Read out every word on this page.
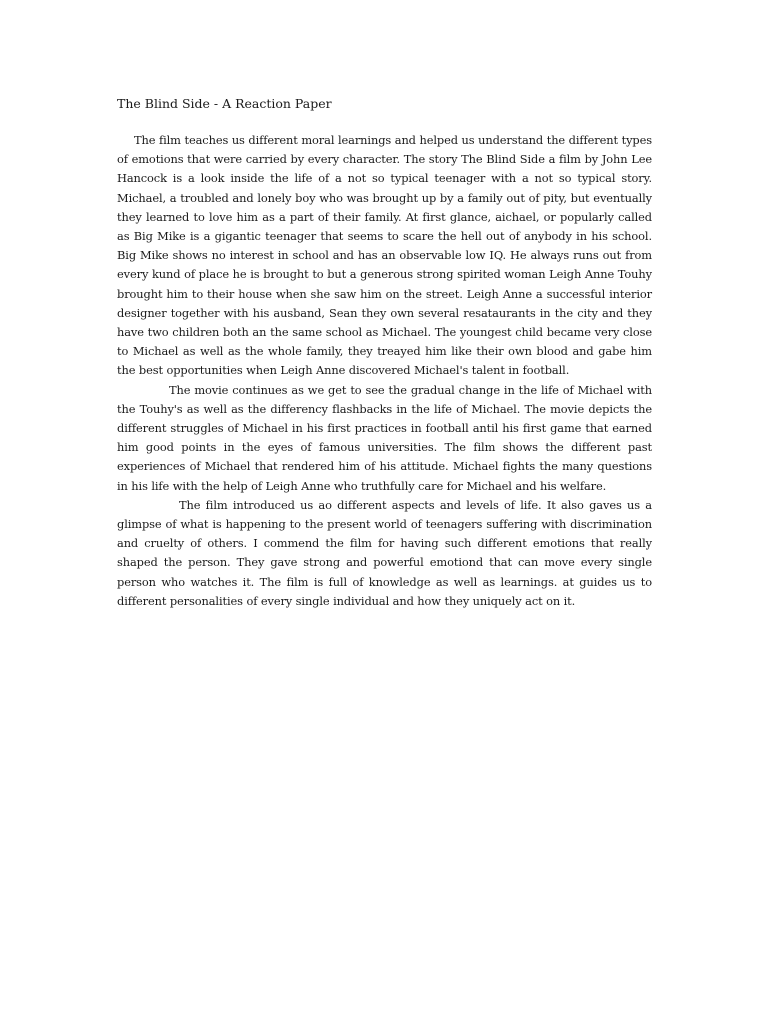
The Blind Side - A Reaction Paper

The film teaches us different moral learnings and helped us understand the different types of emotions that were carried by every character. The story The Blind Side a film by John Lee Hancock is a look inside the life of a not so typical teenager with a not so typical story. Michael, a troubled and lonely boy who was brought up by a family out of pity, but eventually they learned to love him as a part of their family. At first glance, aichael, or popularly called as Big Mike is a gigantic teenager that seems to scare the hell out of anybody in his school. Big Mike shows no interest in school and has an observable low IQ. He always runs out from every kund of place he is brought to but a generous strong spirited woman Leigh Anne Touhy brought him to their house when she saw him on the street. Leigh Anne a successful interior designer together with his ausband, Sean they own several resataurants in the city and they have two children both an the same school as Michael. The youngest child became very close to Michael as well as the whole family, they treayed him like their own blood and gabe him the best opportunities when Leigh Anne discovered Michael's talent in football.

The movie continues as we get to see the gradual change in the life of Michael with the Touhy's as well as the differency flashbacks in the life of Michael. The movie depicts the different struggles of Michael in his first practices in football antil his first game that earned him good points in the eyes of famous universities. The film shows the different past experiences of Michael that rendered him of his attitude. Michael fights the many questions in his life with the help of Leigh Anne who truthfully care for Michael and his welfare.

The film introduced us ao different aspects and levels of life. It also gaves us a glimpse of what is happening to the present world of teenagers suffering with discrimination and cruelty of others. I commend the film for having such different emotions that really shaped the person. They gave strong and powerful emotiond that can move every single person who watches it. The film is full of knowledge as well as learnings. at guides us to different personalities of every single individual and how they uniquely act on it.
